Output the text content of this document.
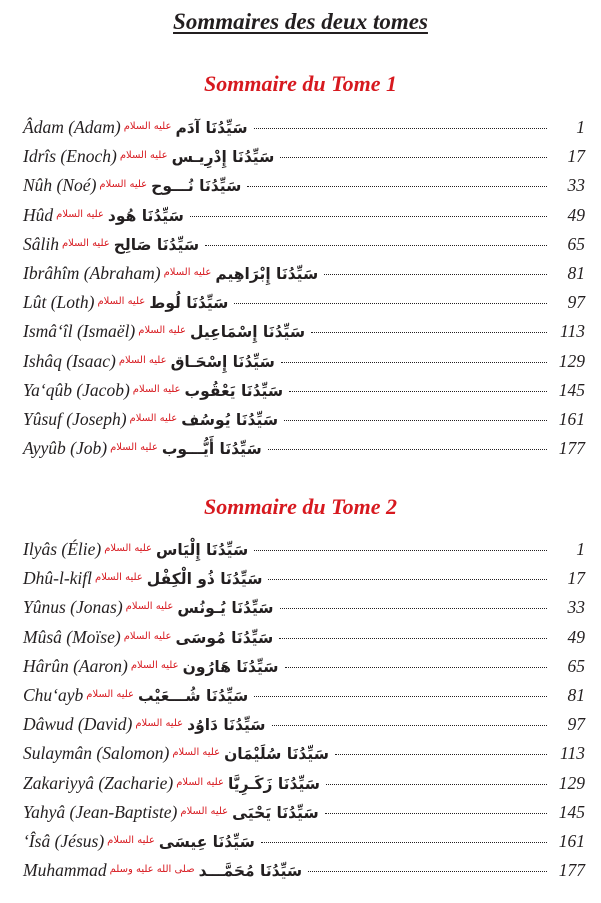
Sommaires des deux tomes
Sommaire du Tome 1
Âdam (Adam) عليه السلام سَيِّدُنَا آدَم	1
Idrîs (Enoch) عليه السلام سَيِّدُنَا إِدْرِيـس	17
Nûh (Noé) عليه السلام سَيِّدُنَا نُـــوح	33
Hûd عليه السلام سَيِّدُنَا هُود	49
Sâlih عليه السلام سَيِّدُنَا صَالِح	65
Ibrâhîm (Abraham) عليه السلام سَيِّدُنَا إِبْرَاهِيم	81
Lût (Loth) عليه السلام سَيِّدُنَا لُوط	97
Ismâ‘îl (Ismaël) عليه السلام سَيِّدُنَا إِسْمَاعِيل	113
Ishâq (Isaac) عليه السلام سَيِّدُنَا إِسْحَـاق	129
Ya‘qûb (Jacob) عليه السلام سَيِّدُنَا يَعْقُوب	145
Yûsuf (Joseph) عليه السلام سَيِّدُنَا يُوسُف	161
Ayyûb (Job) عليه السلام سَيِّدُنَا أَيُّـــوب	177
Sommaire du Tome 2
Ilyâs (Élie) عليه السلام سَيِّدُنَا إِلْيَاس	1
Dhû-l-kifl عليه السلام سَيِّدُنَا ذُو الْكِفْل	17
Yûnus (Jonas) عليه السلام سَيِّدُنَا يُـونُس	33
Mûsâ (Moïse) عليه السلام سَيِّدُنَا مُوسَى	49
Hârûn (Aaron) عليه السلام سَيِّدُنَا هَارُون	65
Chu‘ayb عليه السلام سَيِّدُنَا شُـــعَيْب	81
Dâwud (David) عليه السلام سَيِّدُنَا دَاوُد	97
Sulaymân (Salomon) عليه السلام سَيِّدُنَا سُلَيْمَان	113
Zakariyyâ (Zacharie) عليه السلام سَيِّدُنَا زَكَـرِيَّا	129
Yahyâ (Jean-Baptiste) عليه السلام سَيِّدُنَا يَحْيَى	145
‘Îsâ (Jésus) عليه السلام سَيِّدُنَا عِيسَى	161
Muhammad صلى الله عليه وسلم سَيِّدُنَا مُحَمَّـــد	177
